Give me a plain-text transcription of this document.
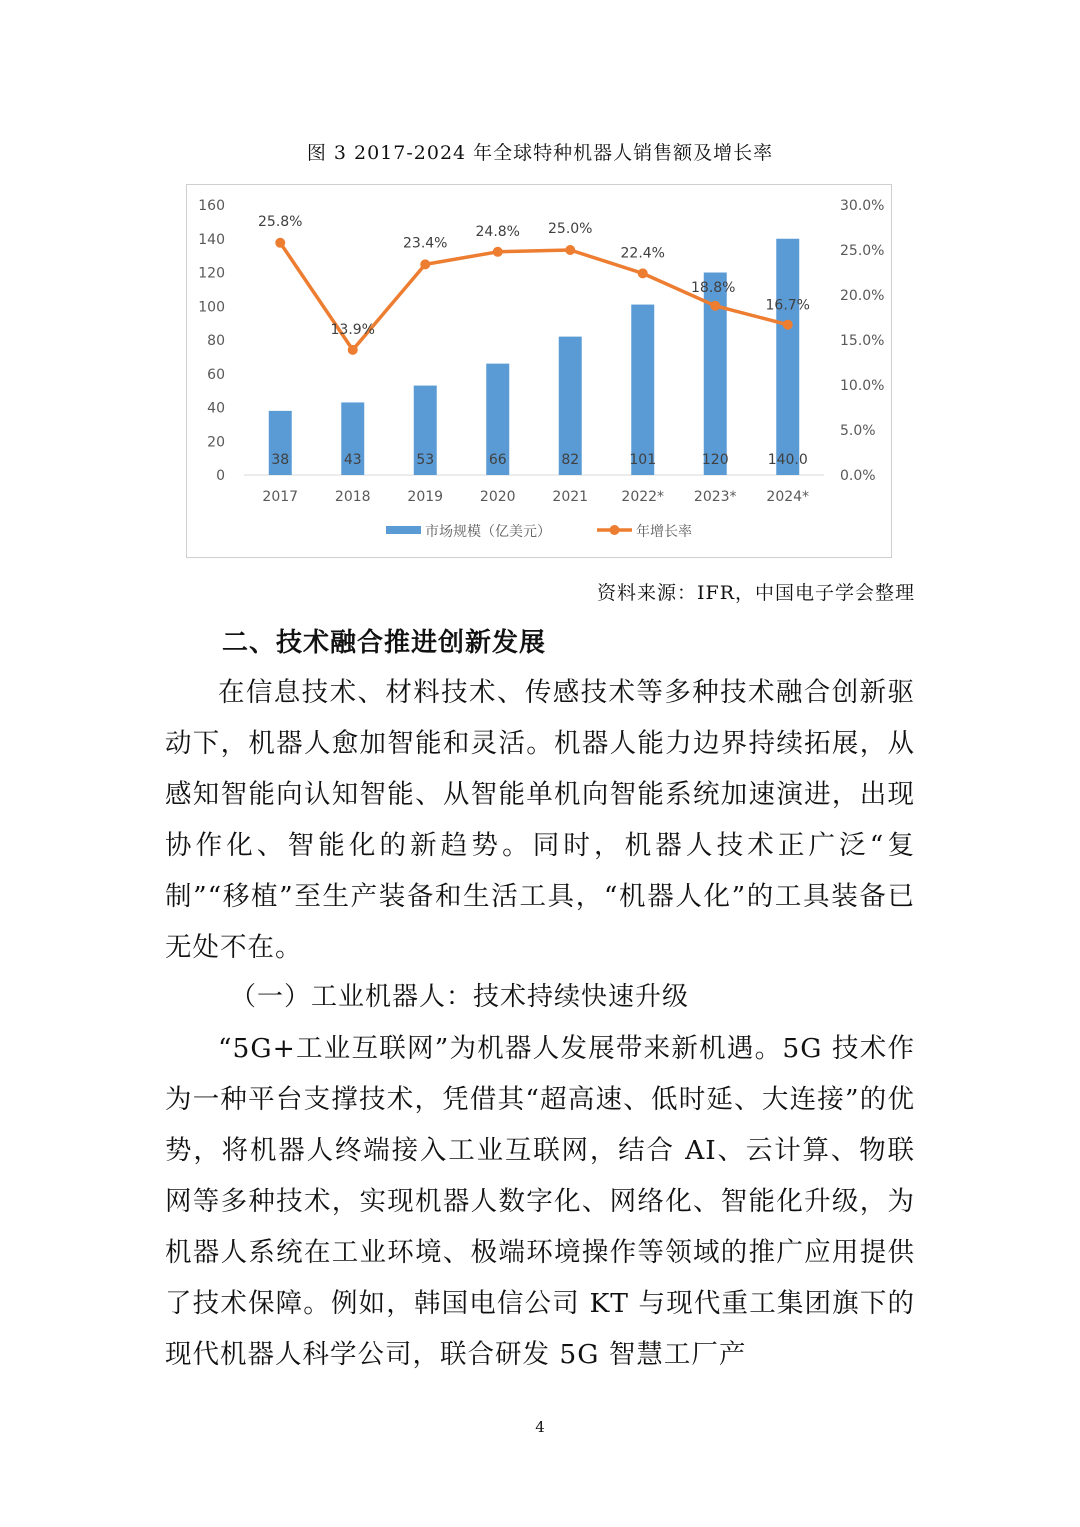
图 3 2017-2024 年全球特种机器人销售额及增长率
0
20
40
60
80
100
120
140
160
0.0%
5.0%
10.0%
15.0%
20.0%
25.0%
30.0%
38	43	53	66	82	101	120	140.0
25.8%
13.9%
23.4%
24.8% 25.0%
22.4%
18.8%
16.7%
2017	2018	2019	2020	2021 2022* 2023* 2024*
市场规模（亿美元）	年增长率
资料来源：IFR，中国电子学会整理
二、技术融合推进创新发展

在信息技术、材料技术、传感技术等多种技术融合创新驱动下，机器人愈加智能和灵活。机器人能力边界持续拓展，从感知智能向认知智能、从智能单机向智能系统加速演进，出现协作化、智能化的新趋势。同时，机器人技术正广泛“复制”“移植”至生产装备和生活工具，“机器人化”的工具装备已无处不在。

（一）工业机器人：技术持续快速升级

“5G+工业互联网”为机器人发展带来新机遇。5G 技术作为一种平台支撑技术，凭借其“超高速、低时延、大连接”的优势，将机器人终端接入工业互联网，结合 AI、云计算、物联网等多种技术，实现机器人数字化、网络化、智能化升级，为机器人系统在工业环境、极端环境操作等领域的推广应用提供了技术保障。例如，韩国电信公司 KT 与现代重工集团旗下的现代机器人科学公司，联合研发 5G 智慧工厂产

4
